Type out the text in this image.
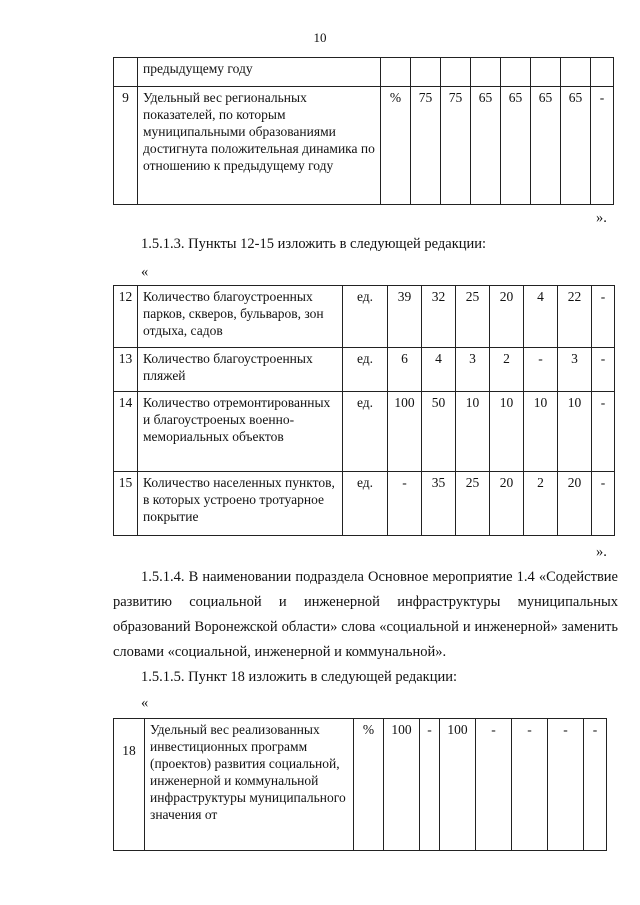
10
	предыдущему году								
9	Удельный вес региональных показателей, по которым муниципальными образованиями достигнута положительная динамика по отношению к предыдущему году	%	75	75	65	65	65	65	-
».
1.5.1.3. Пункты 12-15 изложить в следующей редакции:
«
12	Количество благоустроенных парков, скверов, бульваров, зон отдыха, садов	ед.	39	32	25	20	4	22	-
13	Количество благоустроенных пляжей	ед.	6	4	3	2	-	3	-
14	Количество отремонтированных и благоустроеных военно-мемориальных объектов	ед.	100	50	10	10	10	10	-
15	Количество населенных пунктов, в которых устроено тротуарное покрытие	ед.	-	35	25	20	2	20	-
».
1.5.1.4. В наименовании подраздела Основное мероприятие 1.4 «Содействие развитию социальной и инженерной инфраструктуры муниципальных образований Воронежской области» слова «социальной и инженерной» заменить словами «социальной, инженерной и коммунальной».
1.5.1.5. Пункт 18 изложить в следующей редакции:
«
18	Удельный вес реализованных инвестиционных программ (проектов) развития социальной, инженерной и коммунальной инфраструктуры муниципального значения от	%	100	-	100	-	-	-	-
